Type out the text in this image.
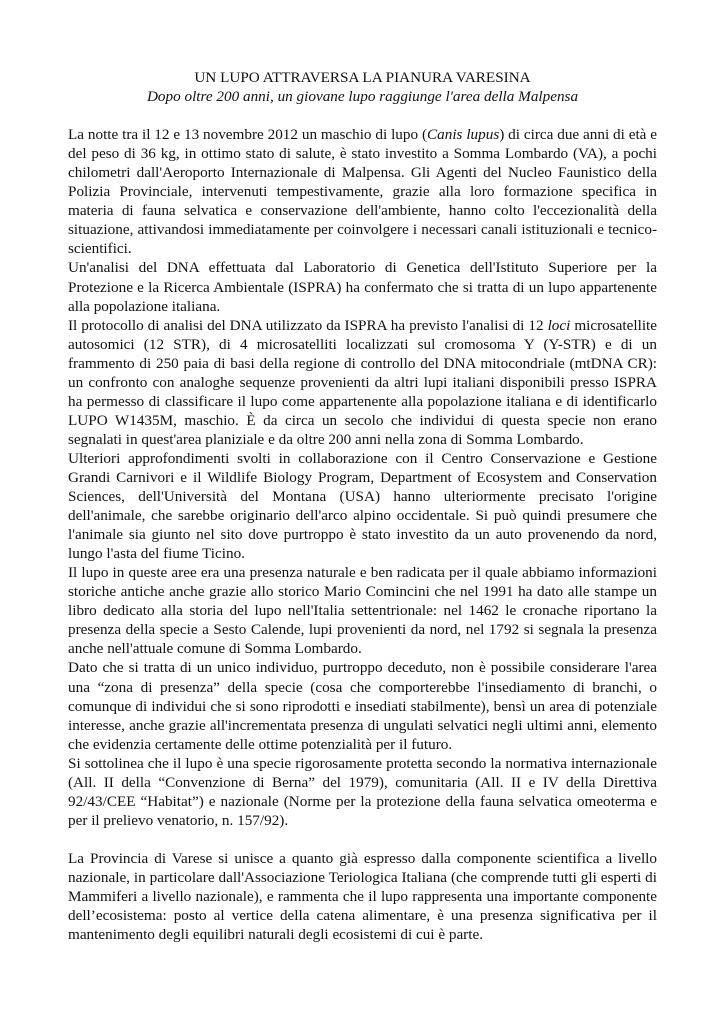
UN LUPO ATTRAVERSA LA PIANURA VARESINA

Dopo oltre 200 anni, un giovane lupo raggiunge l'area della Malpensa

La notte tra il 12 e 13 novembre 2012 un maschio di lupo (Canis lupus) di circa due anni di età e del peso di 36 kg, in ottimo stato di salute, è stato investito a Somma Lombardo (VA), a pochi chilometri dall'Aeroporto Internazionale di Malpensa. Gli Agenti del Nucleo Faunistico della Polizia Provinciale, intervenuti tempestivamente, grazie alla loro formazione specifica in materia di fauna selvatica e conservazione dell'ambiente, hanno colto l'eccezionalità della situazione, attivandosi immediatamente per coinvolgere i necessari canali istituzionali e tecnico-scientifici.

Un'analisi del DNA effettuata dal Laboratorio di Genetica dell'Istituto Superiore per la Protezione e la Ricerca Ambientale (ISPRA) ha confermato che si tratta di un lupo appartenente alla popolazione italiana.

Il protocollo di analisi del DNA utilizzato da ISPRA ha previsto l'analisi di 12 loci microsatellite autosomici (12 STR), di 4 microsatelliti localizzati sul cromosoma Y (Y-STR) e di un frammento di 250 paia di basi della regione di controllo del DNA mitocondriale (mtDNA CR): un confronto con analoghe sequenze provenienti da altri lupi italiani disponibili presso ISPRA ha permesso di classificare il lupo come appartenente alla popolazione italiana e di identificarlo LUPO W1435M, maschio. È da circa un secolo che individui di questa specie non erano segnalati in quest'area planiziale e da oltre 200 anni nella zona di Somma Lombardo.

Ulteriori approfondimenti svolti in collaborazione con il Centro Conservazione e Gestione Grandi Carnivori e il Wildlife Biology Program, Department of Ecosystem and Conservation Sciences, dell'Università del Montana (USA) hanno ulteriormente precisato l'origine dell'animale, che sarebbe originario dell'arco alpino occidentale. Si può quindi presumere che l'animale sia giunto nel sito dove purtroppo è stato investito da un auto provenendo da nord, lungo l'asta del fiume Ticino.

Il lupo in queste aree era una presenza naturale e ben radicata per il quale abbiamo informazioni storiche antiche anche grazie allo storico Mario Comincini che nel 1991 ha dato alle stampe un libro dedicato alla storia del lupo nell'Italia settentrionale: nel 1462 le cronache riportano la presenza della specie a Sesto Calende, lupi provenienti da nord, nel 1792 si segnala la presenza anche nell'attuale comune di Somma Lombardo.

Dato che si tratta di un unico individuo, purtroppo deceduto, non è possibile considerare l'area una “zona di presenza” della specie (cosa che comporterebbe l'insediamento di branchi, o comunque di individui che si sono riprodotti e insediati stabilmente), bensì un area di potenziale interesse, anche grazie all'incrementata presenza di ungulati selvatici negli ultimi anni, elemento che evidenzia certamente delle ottime potenzialità per il futuro.

Si sottolinea che il lupo è una specie rigorosamente protetta secondo la normativa internazionale (All. II della “Convenzione di Berna” del 1979), comunitaria (All. II e IV della Direttiva 92/43/CEE “Habitat”) e nazionale (Norme per la protezione della fauna selvatica omeoterma e per il prelievo venatorio, n. 157/92).

La Provincia di Varese si unisce a quanto già espresso dalla componente scientifica a livello nazionale, in particolare dall'Associazione Teriologica Italiana (che comprende tutti gli esperti di Mammiferi a livello nazionale), e rammenta che il lupo rappresenta una importante componente dell’ecosistema: posto al vertice della catena alimentare, è una presenza significativa per il mantenimento degli equilibri naturali degli ecosistemi di cui è parte.
